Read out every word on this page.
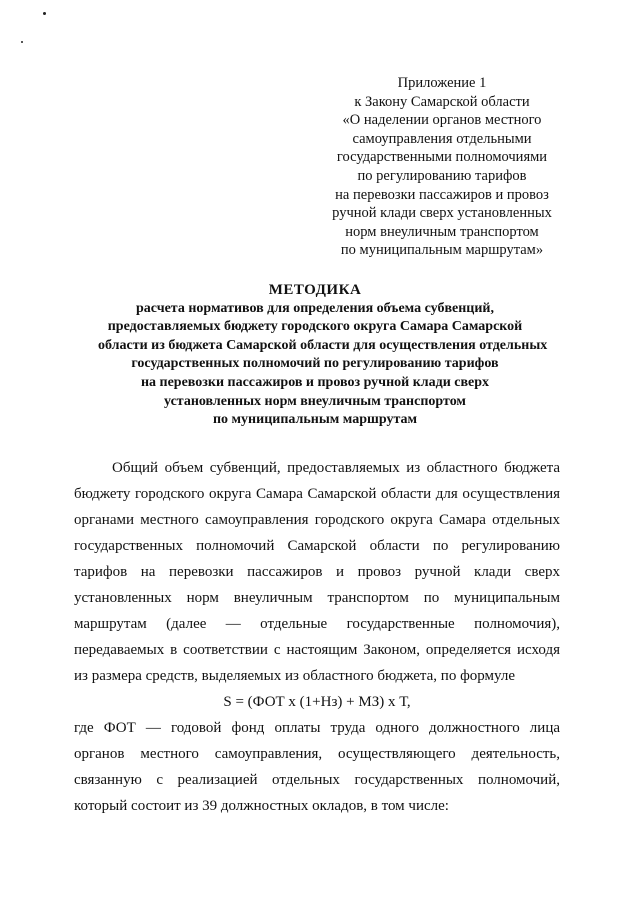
Приложение 1
к Закону Самарской области
«О наделении органов местного
самоуправления отдельными
государственными полномочиями
по регулированию тарифов
на перевозки пассажиров и провоз
ручной клади сверх установленных
норм внеуличным транспортом
по муниципальным маршрутам»
МЕТОДИКА
расчета нормативов для определения объема субвенций,
предоставляемых бюджету городского округа Самара Самарской
области из бюджета Самарской области для осуществления отдельных
государственных полномочий по регулированию тарифов
на перевозки пассажиров и провоз ручной клади сверх
установленных норм внеуличным транспортом
по муниципальным маршрутам
Общий объем субвенций, предоставляемых из областного бюджета
бюджету городского округа Самара Самарской области для осуществления
органами местного самоуправления городского округа Самара отдельных
государственных полномочий Самарской области по регулированию
тарифов на перевозки пассажиров и провоз ручной клади сверх
установленных норм внеуличным транспортом по муниципальным
маршрутам (далее — отдельные государственные полномочия),
передаваемых в соответствии с настоящим Законом, определяется исходя
из размера средств, выделяемых из областного бюджета, по формуле
S = (ФОТ х (1+Нз) + МЗ) х Т,
где ФОТ — годовой фонд оплаты труда одного должностного лица
органов местного самоуправления, осуществляющего деятельность,
связанную с реализацией отдельных государственных полномочий,
который состоит из 39 должностных окладов, в том числе:
